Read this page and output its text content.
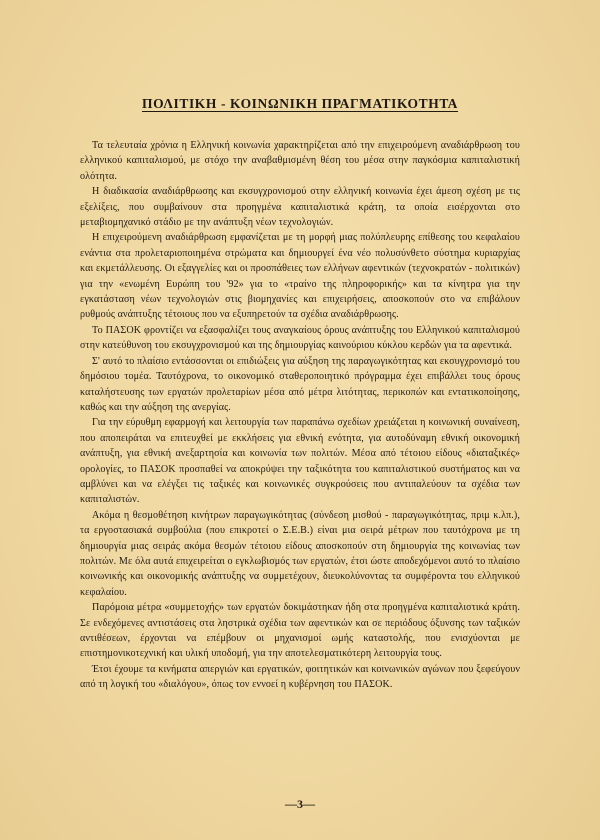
ΠΟΛΙΤΙΚΗ - ΚΟΙΝΩΝΙΚΗ ΠΡΑΓΜΑΤΙΚΟΤΗΤΑ

Τα τελευταία χρόνια η Ελληνική κοινωνία χαρακτηρίζεται από την επιχειρούμενη αναδιάρθρωση του ελληνικού καπιταλισμού, με στόχο την αναβαθμισμένη θέση του μέσα στην παγκόσμια καπιταλιστική ολότητα.

Η διαδικασία αναδιάρθρωσης και εκσυγχρονισμού στην ελληνική κοινωνία έχει άμεση σχέση με τις εξελίξεις, που συμβαίνουν στα προηγμένα καπιταλιστικά κράτη, τα οποία εισέρχονται στο μεταβιομηχανικό στάδιο με την ανάπτυξη νέων τεχνολογιών.

Η επιχειρούμενη αναδιάρθρωση εμφανίζεται με τη μορφή μιας πολύπλευρης επίθεσης του κεφαλαίου ενάντια στα προλεταριοποιημένα στρώματα και δημιουργεί ένα νέο πολυσύνθετο σύστημα κυριαρχίας και εκμετάλλευσης. Οι εξαγγελίες και οι προσπάθειες των ελλήνων αφεντικών (τεχνοκρατών - πολιτικών) για την «ενωμένη Ευρώπη του '92» για το «τραίνο της πληροφορικής» και τα κίνητρα για την εγκατάσταση νέων τεχνολογιών στις βιομηχανίες και επιχειρήσεις, αποσκοπούν στο να επιβάλουν ρυθμούς ανάπτυξης τέτοιους που να εξυπηρετούν τα σχέδια αναδιάρθρωσης.

Το ΠΑΣΟΚ φροντίζει να εξασφαλίζει τους αναγκαίους όρους ανάπτυξης του Ελληνικού καπιταλισμού στην κατεύθυνση του εκσυγχρονισμού και της δημιουργίας καινούριου κύκλου κερδών για τα αφεντικά.

Σ' αυτό το πλαίσιο εντάσσονται οι επιδιώξεις για αύξηση της παραγωγικότητας και εκσυγχρονισμό του δημόσιου τομέα. Ταυτόχρονα, το οικονομικό σταθεροποιητικό πρόγραμμα έχει επιβάλλει τους όρους καταλήστευσης των εργατών προλεταρίων μέσα από μέτρα λιτότητας, περικοπών και εντατικοποίησης, καθώς και την αύξηση της ανεργίας.

Για την εύρυθμη εφαρμογή και λειτουργία των παραπάνω σχεδίων χρειάζεται η κοινωνική συναίνεση, που αποπειράται να επιτευχθεί με εκκλήσεις για εθνική ενότητα, για αυτοδύναμη εθνική οικονομική ανάπτυξη, για εθνική ανεξαρτησία και κοινωνία των πολιτών. Μέσα από τέτοιου είδους «διαταξικές» ορολογίες, το ΠΑΣΟΚ προσπαθεί να αποκρύψει την ταξικότητα του καπιταλιστικού συστήματος και να αμβλύνει και να ελέγξει τις ταξικές και κοινωνικές συγκρούσεις που αντιπαλεύουν τα σχέδια των καπιταλιστών.

Ακόμα η θεσμοθέτηση κινήτρων παραγωγικότητας (σύνδεση μισθού - παραγωγικότητας, πριμ κ.λπ.), τα εργοστασιακά συμβούλια (που επικροτεί ο Σ.Ε.Β.) είναι μια σειρά μέτρων που ταυτόχρονα με τη δημιουργία μιας σειράς ακόμα θεσμών τέτοιου είδους αποσκοπούν στη δημιουργία της κοινωνίας των πολιτών. Με όλα αυτά επιχειρείται ο εγκλωβισμός των εργατών, έτσι ώστε αποδεχόμενοι αυτό το πλαίσιο κοινωνικής και οικονομικής ανάπτυξης να συμμετέχουν, διευκολύνοντας τα συμφέροντα του ελληνικού κεφαλαίου.

Παρόμοια μέτρα «συμμετοχής» των εργατών δοκιμάστηκαν ήδη στα προηγμένα καπιταλιστικά κράτη. Σε ενδεχόμενες αντιστάσεις στα ληστρικά σχέδια των αφεντικών και σε περιόδους όξυνσης των ταξικών αντιθέσεων, έρχονται να επέμβουν οι μηχανισμοί ωμής καταστολής, που ενισχύονται με επιστημονικοτεχνική και υλική υποδομή, για την αποτελεσματικότερη λειτουργία τους.

Έτσι έχουμε τα κινήματα απεργιών και εργατικών, φοιτητικών και κοινωνικών αγώνων που ξεφεύγουν από τη λογική του «διαλόγου», όπως τον εννοεί η κυβέρνηση του ΠΑΣΟΚ.

—3—
